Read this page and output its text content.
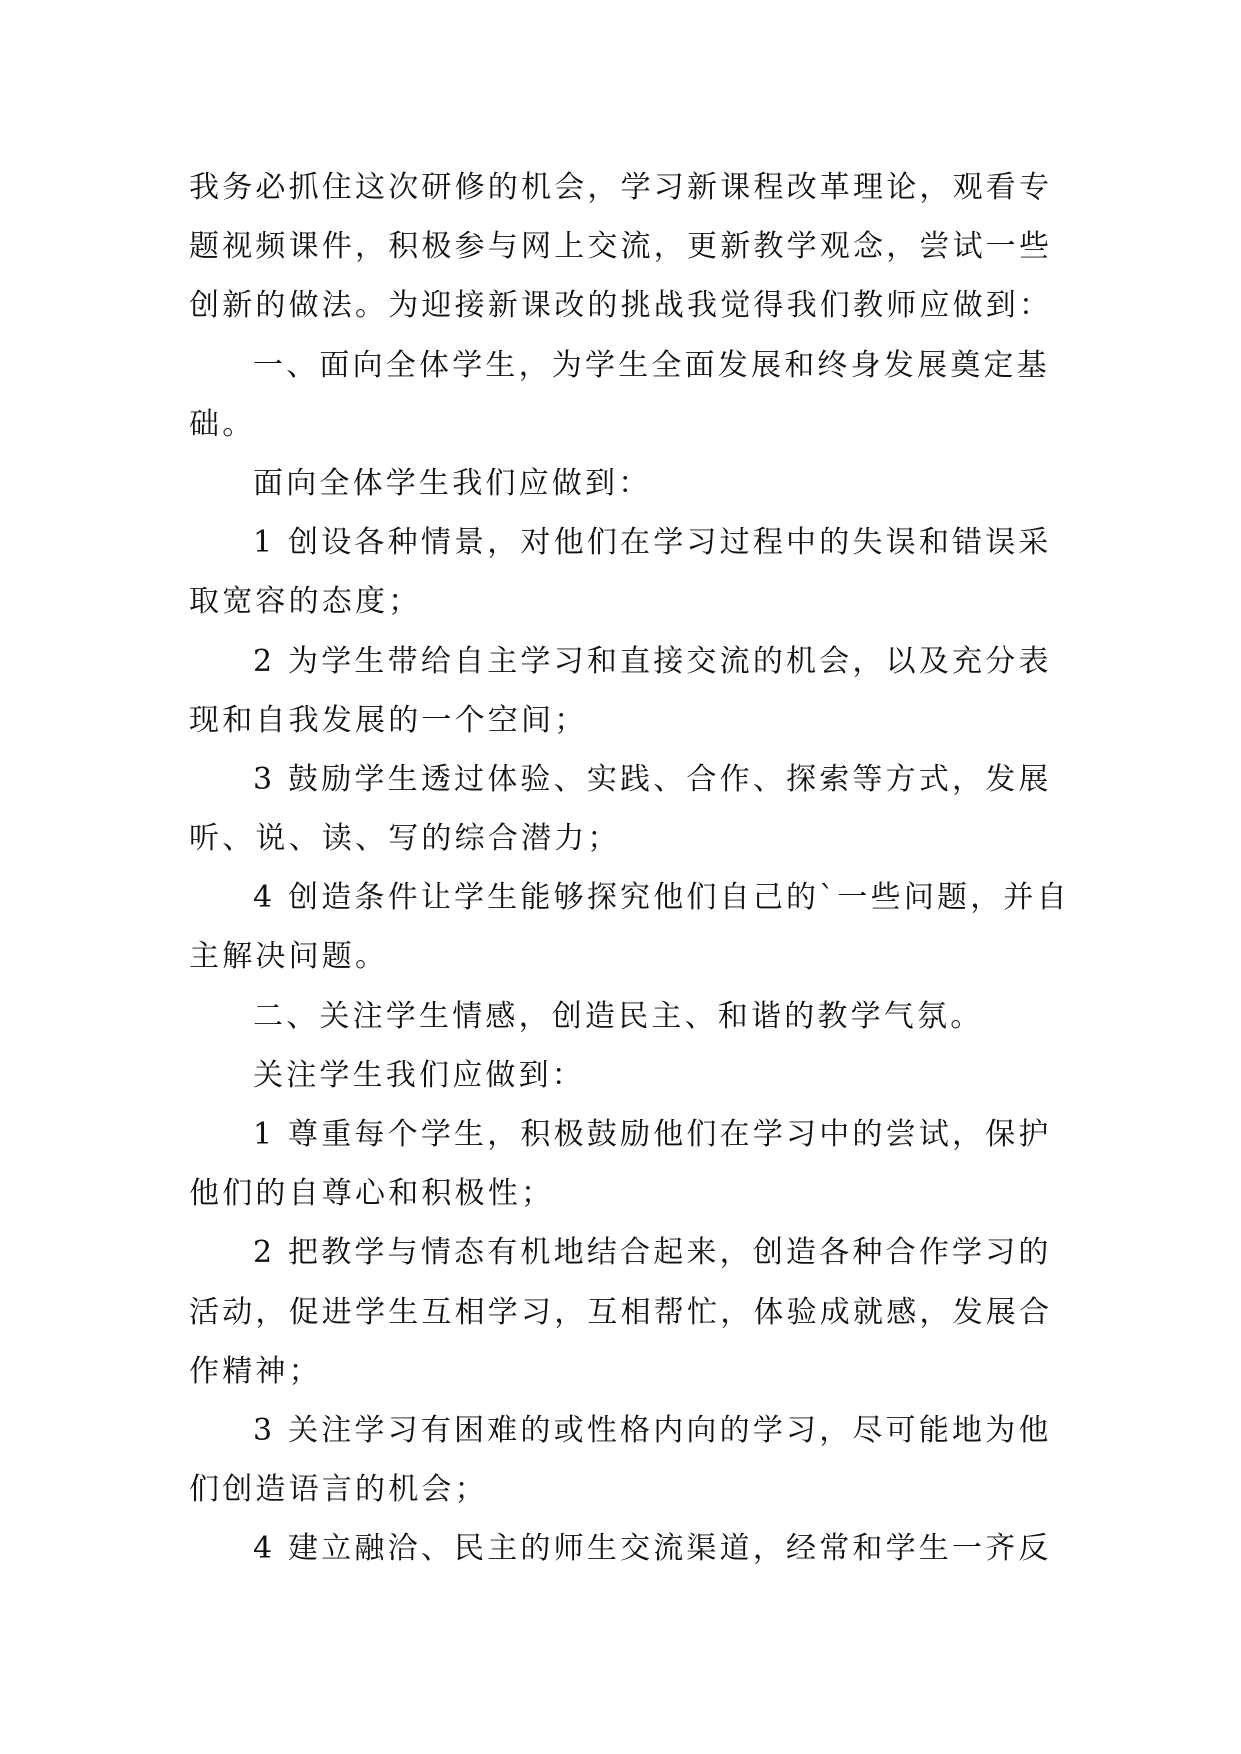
我务必抓住这次研修的机会，学习新课程改革理论，观看专
题视频课件，积极参与网上交流，更新教学观念，尝试一些
创新的做法。为迎接新课改的挑战我觉得我们教师应做到：
一、面向全体学生，为学生全面发展和终身发展奠定基
础。
面向全体学生我们应做到：
1 创设各种情景，对他们在学习过程中的失误和错误采
取宽容的态度；
2 为学生带给自主学习和直接交流的机会，以及充分表
现和自我发展的一个空间；
3 鼓励学生透过体验、实践、合作、探索等方式，发展
听、说、读、写的综合潜力；
4 创造条件让学生能够探究他们自己的`一些问题，并自
主解决问题。
二、关注学生情感，创造民主、和谐的教学气氛。
关注学生我们应做到：
1 尊重每个学生，积极鼓励他们在学习中的尝试，保护
他们的自尊心和积极性；
2 把教学与情态有机地结合起来，创造各种合作学习的
活动，促进学生互相学习，互相帮忙，体验成就感，发展合
作精神；
3 关注学习有困难的或性格内向的学习，尽可能地为他
们创造语言的机会；
4 建立融洽、民主的师生交流渠道，经常和学生一齐反
